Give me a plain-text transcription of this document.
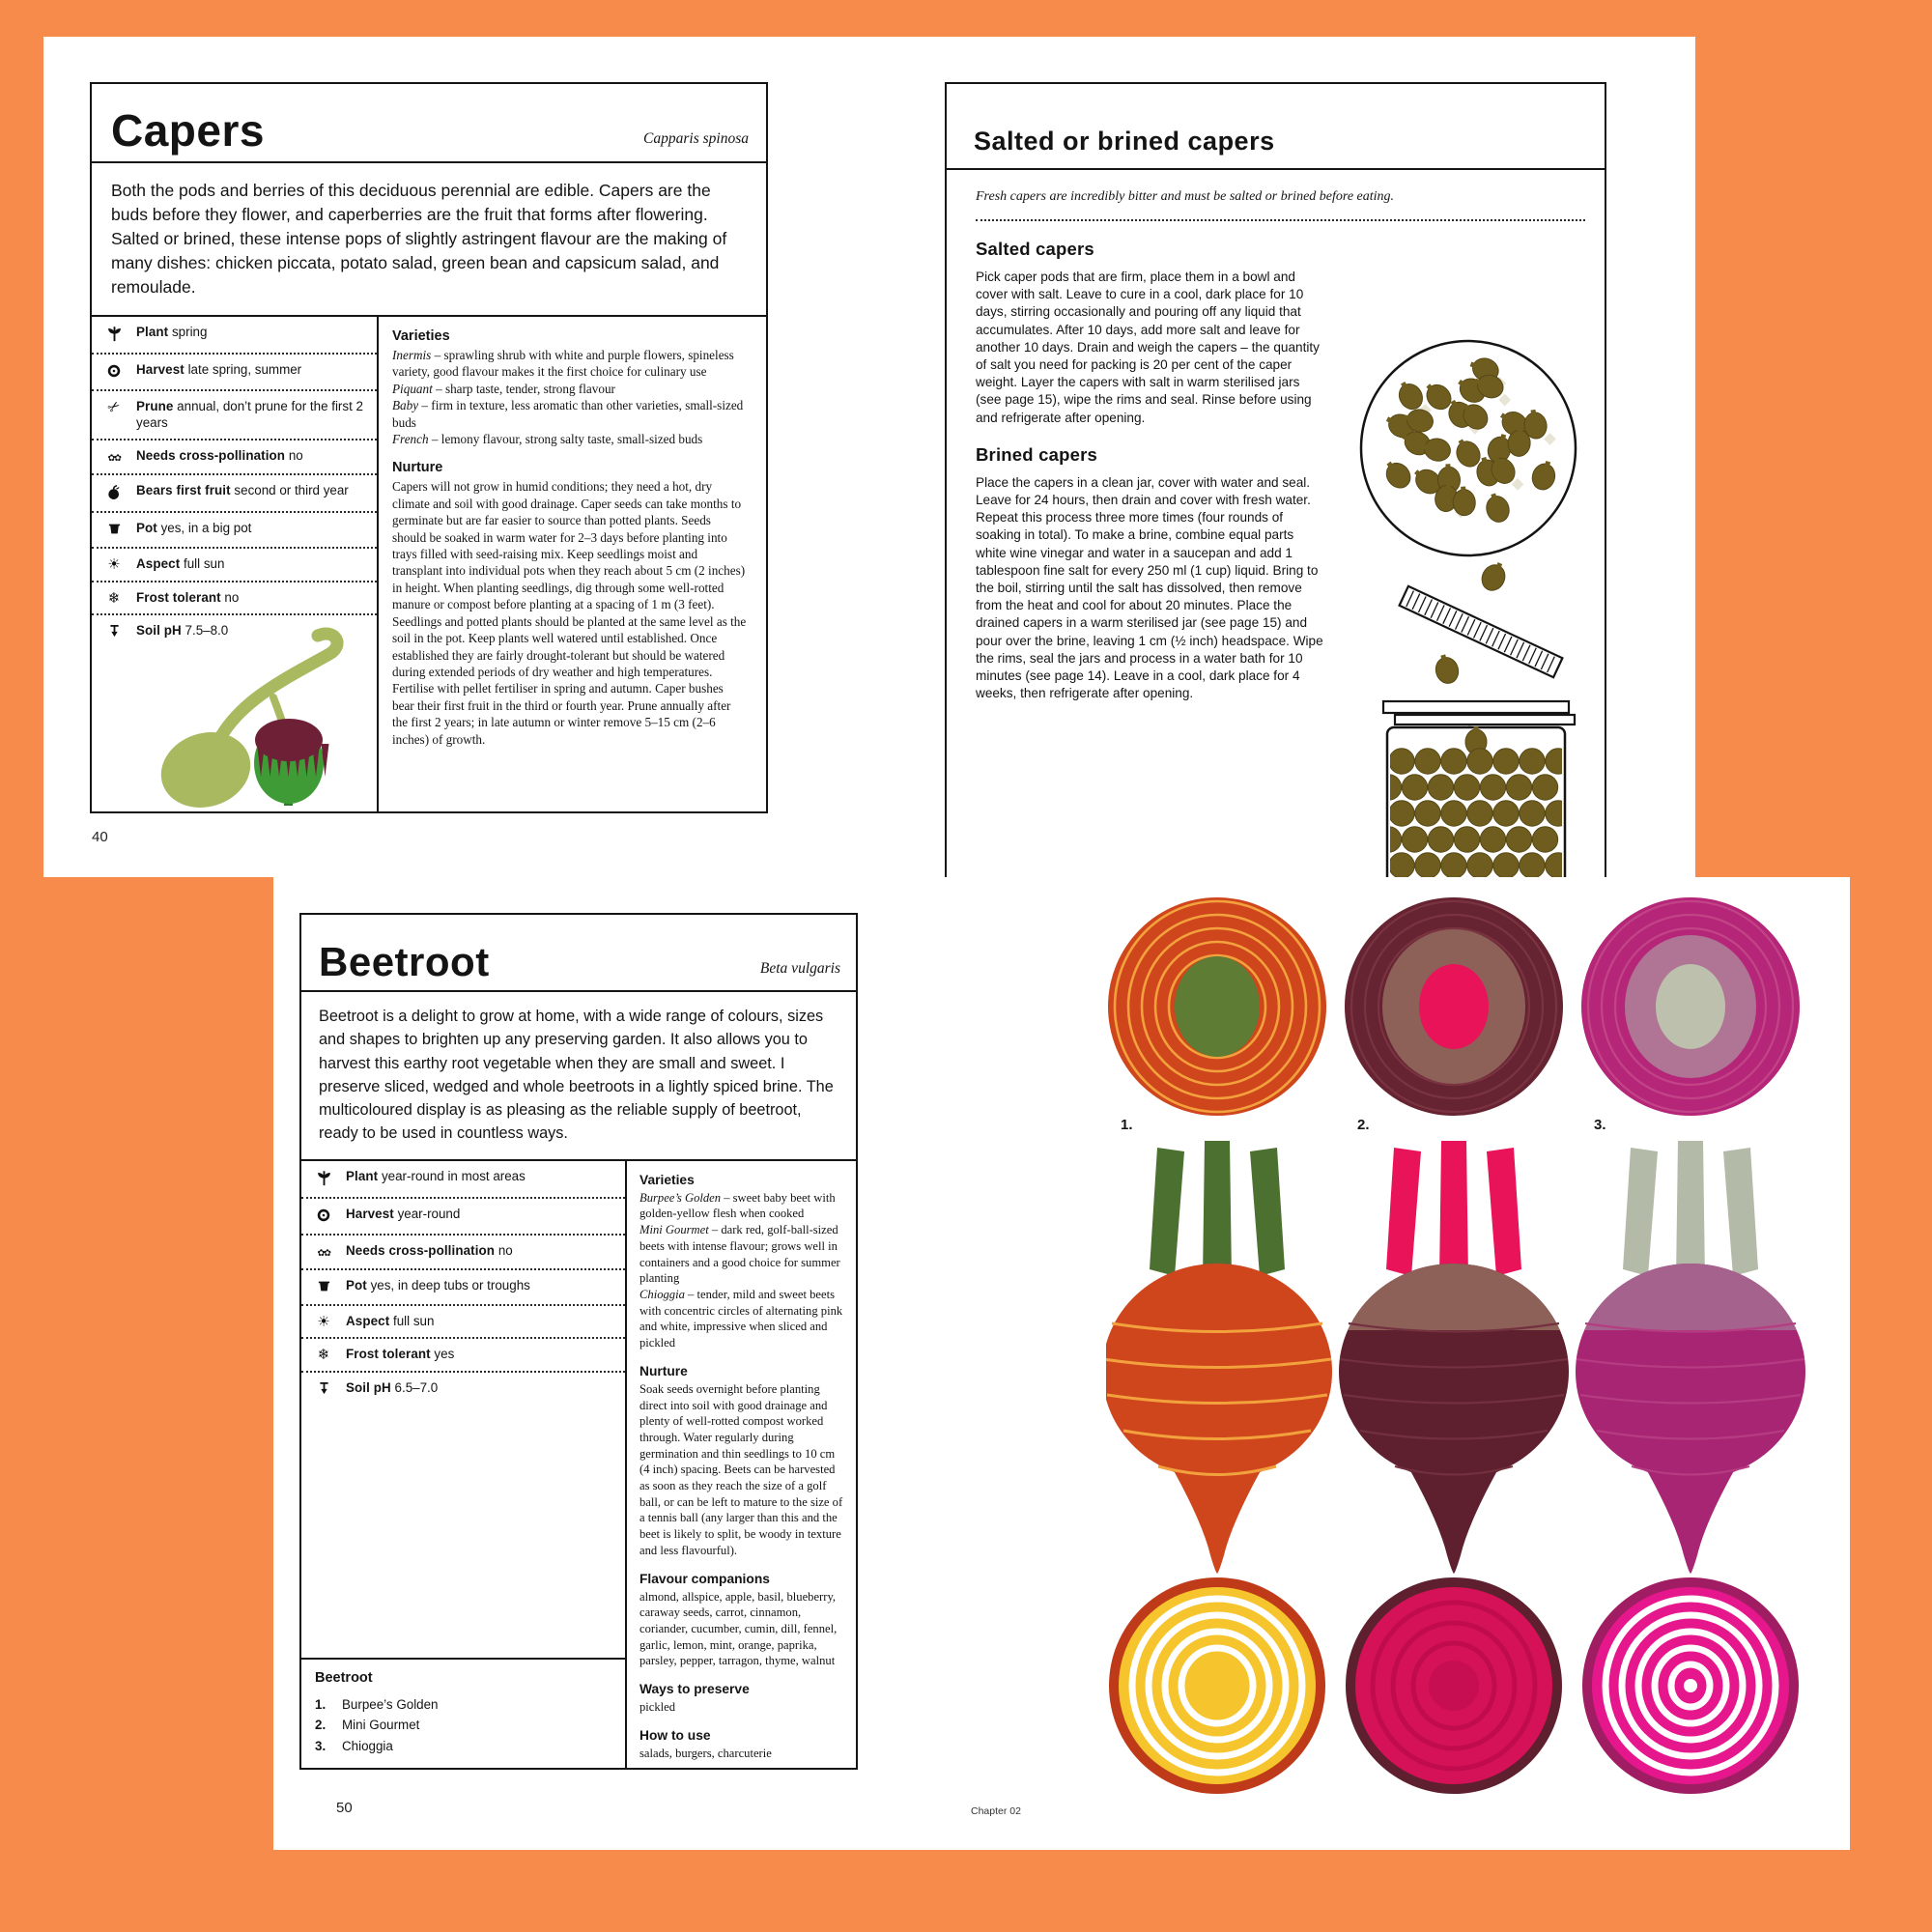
Capers	Capparis spinosa
Both the pods and berries of this deciduous perennial are edible. Capers are the buds before they flower, and caperberries are the fruit that forms after flowering. Salted or brined, these intense pops of slightly astringent flavour are the making of many dishes: chicken piccata, potato salad, green bean and capsicum salad, and remoulade.
Plant spring
Harvest late spring, summer
✂ Prune annual, don’t prune for the first 2 years
✿✿	Needs cross-pollination no
Bears first fruit second or third year
Pot yes, in a big pot
☀	Aspect full sun
❄	Frost tolerant no
Soil pH 7.5–8.0
Varieties

Inermis – sprawling shrub with white and purple flowers, spineless variety, good flavour makes it the first choice for culinary use

Piquant – sharp taste, tender, strong flavour

Baby – firm in texture, less aromatic than other varieties, small-sized buds

French – lemony flavour, strong salty taste, small-sized buds

Nurture

Capers will not grow in humid conditions; they need a hot, dry climate and soil with good drainage. Caper seeds can take months to germinate but are far easier to source than potted plants. Seeds should be soaked in warm water for 2–3 days before planting into trays filled with seed-raising mix. Keep seedlings moist and transplant into individual pots when they reach about 5 cm (2 inches) in height. When planting seedlings, dig through some well-rotted manure or compost before planting at a spacing of 1 m (3 feet). Seedlings and potted plants should be planted at the same level as the soil in the pot. Keep plants well watered until established. Once established they are fairly drought-tolerant but should be watered during extended periods of dry weather and high temperatures. Fertilise with pellet fertiliser in spring and autumn. Caper bushes bear their first fruit in the third or fourth year. Prune annually after the first 2 years; in late autumn or winter remove 5–15 cm (2–6 inches) of growth.

40
Salted or brined capers

Fresh capers are incredibly bitter and must be salted or brined before eating.

Salted capers

Pick caper pods that are firm, place them in a bowl and cover with salt. Leave to cure in a cool, dark place for 10 days, stirring occasionally and pouring off any liquid that accumulates. After 10 days, add more salt and leave for another 10 days. Drain and weigh the capers – the quantity of salt you need for packing is 20 per cent of the caper weight. Layer the capers with salt in warm sterilised jars (see page 15), wipe the rims and seal. Rinse before using and refrigerate after opening.

Brined capers

Place the capers in a clean jar, cover with water and seal. Leave for 24 hours, then drain and cover with fresh water. Repeat this process three more times (four rounds of soaking in total). To make a brine, combine equal parts white wine vinegar and water in a saucepan and add 1 tablespoon fine salt for every 250 ml (1 cup) liquid. Bring to the boil, stirring until the salt has dissolved, then remove from the heat and cool for about 20 minutes. Place the drained capers in a warm sterilised jar (see page 15) and pour over the brine, leaving 1 cm (½ inch) headspace. Wipe the rims, seal the jars and process in a water bath for 10 minutes (see page 14). Leave in a cool, dark place for 4 weeks, then refrigerate after opening.

Beetroot	Beta vulgaris
Beetroot is a delight to grow at home, with a wide range of colours, sizes and shapes to brighten up any preserving garden. It also allows you to harvest this earthy root vegetable when they are small and sweet. I preserve sliced, wedged and whole beetroots in a lightly spiced brine. The multicoloured display is as pleasing as the reliable supply of beetroot, ready to be used in countless ways.
Plant year-round in most areas
Harvest year-round
✿✿	Needs cross-pollination no
Pot yes, in deep tubs or troughs
☀	Aspect full sun
❄	Frost tolerant yes
Soil pH 6.5–7.0
Beetroot
1.	Burpee’s Golden
2.	Mini Gourmet
3.	Chioggia
Varieties

Burpee’s Golden – sweet baby beet with golden-yellow flesh when cooked

Mini Gourmet – dark red, golf-ball-sized beets with intense flavour; grows well in containers and a good choice for summer planting

Chioggia – tender, mild and sweet beets with concentric circles of alternating pink and white, impressive when sliced and pickled

Nurture

Soak seeds overnight before planting direct into soil with good drainage and plenty of well-rotted compost worked through. Water regularly during germination and thin seedlings to 10 cm (4 inch) spacing. Beets can be harvested as soon as they reach the size of a golf ball, or can be left to mature to the size of a tennis ball (any larger than this and the beet is likely to split, be woody in texture and less flavourful).

Flavour companions

almond, allspice, apple, basil, blueberry, caraway seeds, carrot, cinnamon, coriander, cucumber, cumin, dill, fennel, garlic, lemon, mint, orange, paprika, parsley, pepper, tarragon, thyme, walnut

Ways to preserve

pickled

How to use

salads, burgers, charcuterie

50	Chapter 02
1.	2.	3.
